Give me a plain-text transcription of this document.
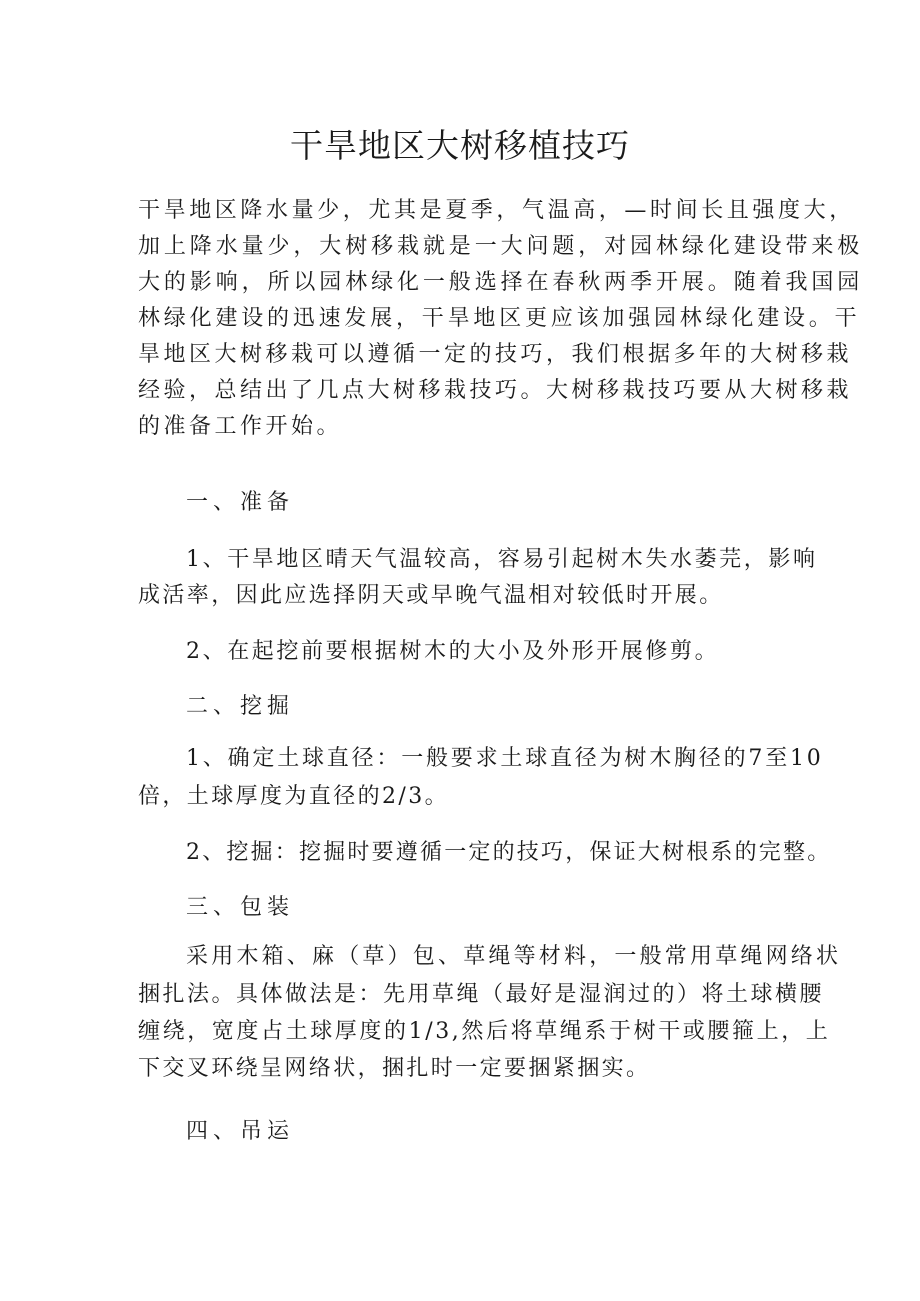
干旱地区大树移植技巧

干旱地区降水量少，尤其是夏季，气温高，—时间长且强度大，

加上降水量少，大树移栽就是一大问题，对园林绿化建设带来极

大的影响，所以园林绿化一般选择在春秋两季开展。随着我国园

林绿化建设的迅速发展，干旱地区更应该加强园林绿化建设。干

旱地区大树移栽可以遵循一定的技巧，我们根据多年的大树移栽

经验，总结出了几点大树移栽技巧。大树移栽技巧要从大树移栽

的准备工作开始。

一、准备

1、干旱地区晴天气温较高，容易引起树木失水萎芫，影响

成活率，因此应选择阴天或早晚气温相对较低时开展。

2、在起挖前要根据树木的大小及外形开展修剪。

二、挖掘

1、确定土球直径：一般要求土球直径为树木胸径的7至10

倍，土球厚度为直径的2/3。

2、挖掘：挖掘时要遵循一定的技巧，保证大树根系的完整。

三、包装

采用木箱、麻（草）包、草绳等材料，一般常用草绳网络状

捆扎法。具体做法是：先用草绳（最好是湿润过的）将土球横腰

缠绕，宽度占土球厚度的1/3,然后将草绳系于树干或腰箍上，上

下交叉环绕呈网络状，捆扎时一定要捆紧捆实。

四、吊运
